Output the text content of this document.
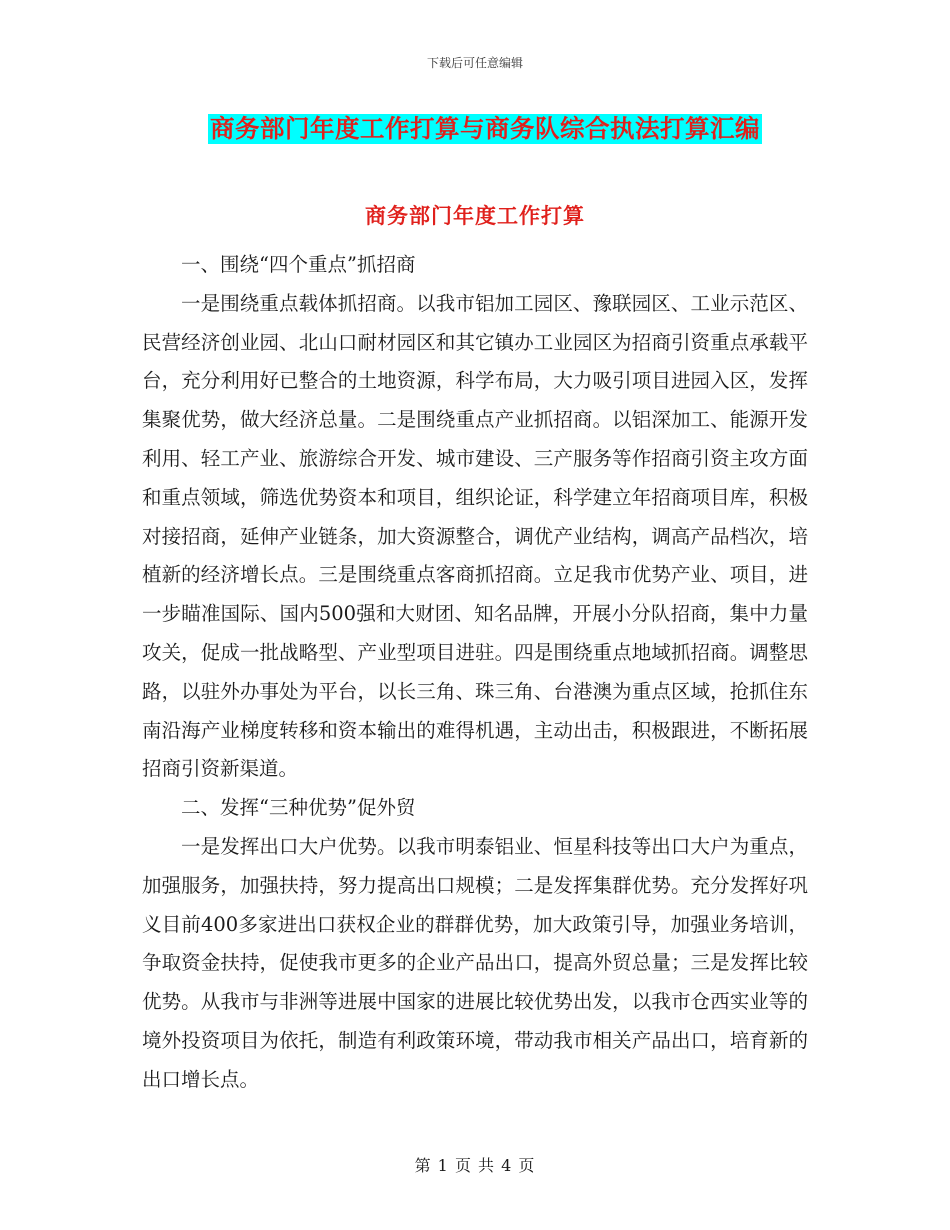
下载后可任意编辑
商务部门年度工作打算与商务队综合执法打算汇编
商务部门年度工作打算

一、围绕“四个重点”抓招商

一是围绕重点载体抓招商。以我市铝加工园区、豫联园区、工业示范区、民营经济创业园、北山口耐材园区和其它镇办工业园区为招商引资重点承载平台，充分利用好已整合的土地资源，科学布局，大力吸引项目进园入区，发挥集聚优势，做大经济总量。二是围绕重点产业抓招商。以铝深加工、能源开发利用、轻工产业、旅游综合开发、城市建设、三产服务等作招商引资主攻方面和重点领域，筛选优势资本和项目，组织论证，科学建立年招商项目库，积极对接招商，延伸产业链条，加大资源整合，调优产业结构，调高产品档次，培植新的经济增长点。三是围绕重点客商抓招商。立足我市优势产业、项目，进一步瞄准国际、国内500强和大财团、知名品牌，开展小分队招商，集中力量攻关，促成一批战略型、产业型项目进驻。四是围绕重点地域抓招商。调整思路，以驻外办事处为平台，以长三角、珠三角、台港澳为重点区域，抢抓住东南沿海产业梯度转移和资本输出的难得机遇，主动出击，积极跟进，不断拓展招商引资新渠道。

二、发挥“三种优势”促外贸

一是发挥出口大户优势。以我市明泰铝业、恒星科技等出口大户为重点，加强服务，加强扶持，努力提高出口规模；二是发挥集群优势。充分发挥好巩义目前400多家进出口获权企业的群群优势，加大政策引导，加强业务培训，争取资金扶持，促使我市更多的企业产品出口，提高外贸总量；三是发挥比较优势。从我市与非洲等进展中国家的进展比较优势出发，以我市仓西实业等的境外投资项目为依托，制造有利政策环境，带动我市相关产品出口，培育新的出口增长点。

第 1 页 共 4 页
